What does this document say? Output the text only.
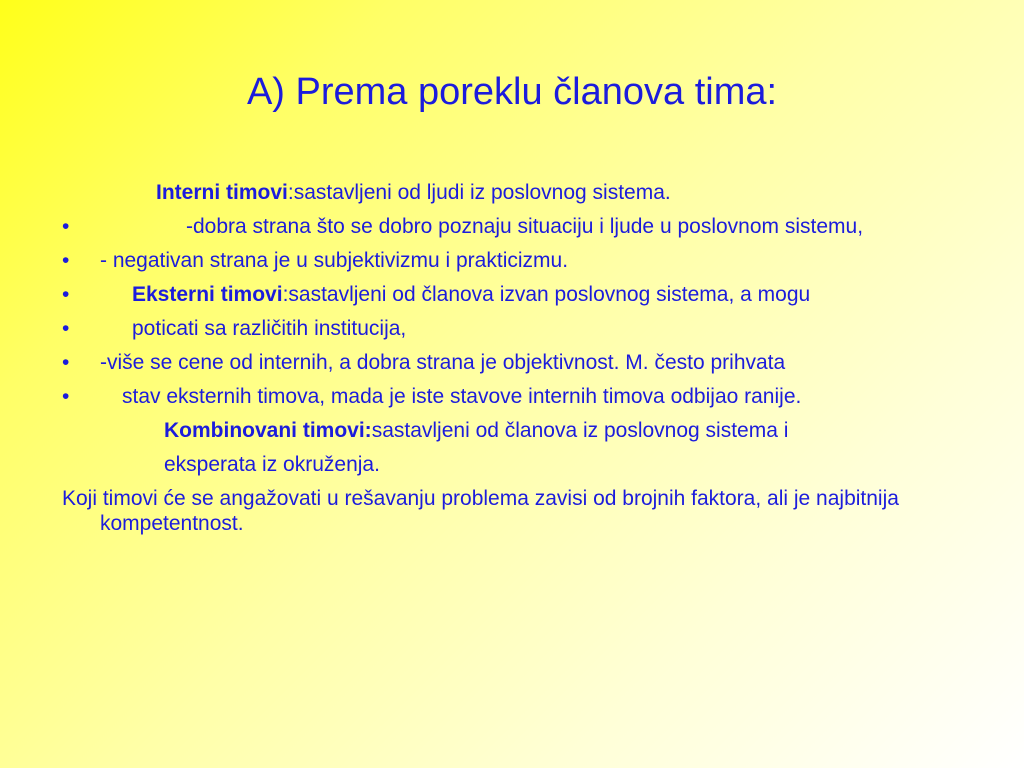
A) Prema poreklu članova tima:
Interni timovi:sastavljeni od ljudi iz poslovnog sistema.
•	-dobra strana što se dobro poznaju situaciju i ljude u poslovnom sistemu,
• - negativan strana je u subjektivizmu i prakticizmu.
•	Eksterni timovi:sastavljeni od članova izvan poslovnog sistema, a mogu
•	poticati sa različitih institucija,
• -više se cene od internih, a dobra strana je objektivnost. M. često prihvata
•	stav eksternih timova, mada je iste stavove internih timova odbijao ranije.
Kombinovani timovi:sastavljeni od članova iz poslovnog sistema i
eksperata iz okruženja.
Koji timovi će se angažovati u rešavanju problema zavisi od brojnih faktora, ali je najbitnija kompetentnost.
